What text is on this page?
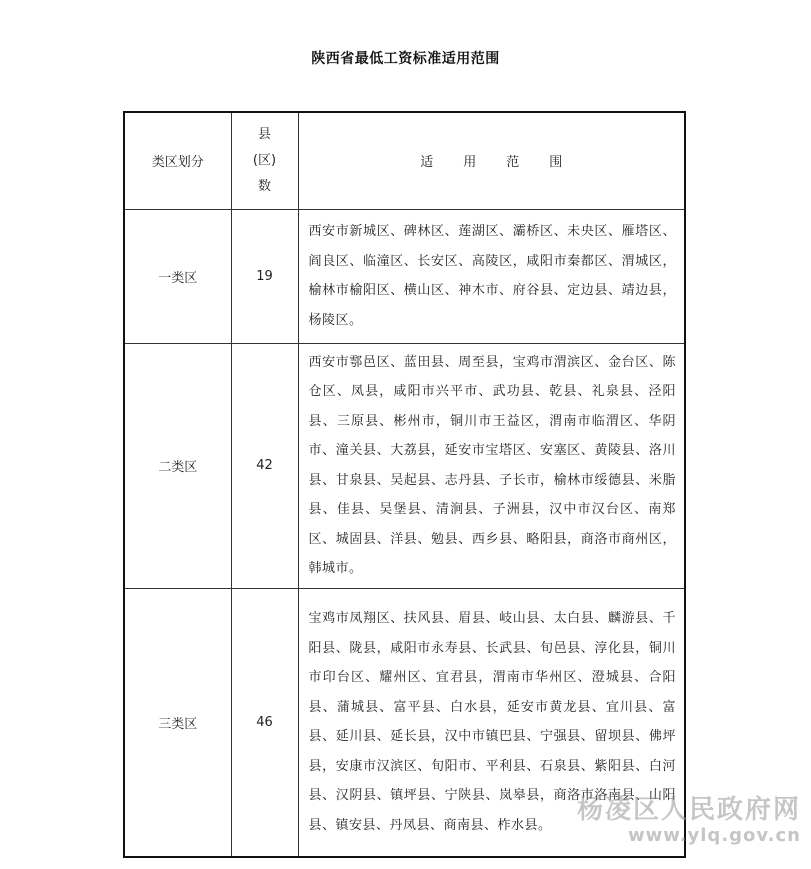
陕西省最低工资标准适用范围
类区划分	县
(区)
数	适用范围
一类区	19	西安市新城区、碑林区、莲湖区、灞桥区、未央区、雁塔区、阎良区、临潼区、长安区、高陵区，咸阳市秦都区、渭城区，榆林市榆阳区、横山区、神木市、府谷县、定边县、靖边县，杨陵区。
二类区	42	西安市鄠邑区、蓝田县、周至县，宝鸡市渭滨区、金台区、陈仓区、凤县，咸阳市兴平市、武功县、乾县、礼泉县、泾阳县、三原县、彬州市，铜川市王益区，渭南市临渭区、华阴市、潼关县、大荔县，延安市宝塔区、安塞区、黄陵县、洛川县、甘泉县、吴起县、志丹县、子长市，榆林市绥德县、米脂县、佳县、吴堡县、清涧县、子洲县，汉中市汉台区、南郑区、城固县、洋县、勉县、西乡县、略阳县，商洛市商州区，韩城市。
三类区	46	宝鸡市凤翔区、扶风县、眉县、岐山县、太白县、麟游县、千阳县、陇县，咸阳市永寿县、长武县、旬邑县、淳化县，铜川市印台区、耀州区、宜君县，渭南市华州区、澄城县、合阳县、蒲城县、富平县、白水县，延安市黄龙县、宜川县、富县、延川县、延长县，汉中市镇巴县、宁强县、留坝县、佛坪县，安康市汉滨区、旬阳市、平利县、石泉县、紫阳县、白河县、汉阴县、镇坪县、宁陕县、岚皋县，商洛市洛南县、山阳县、镇安县、丹凤县、商南县、柞水县。
杨凌区人民政府网
www.ylq.gov.cn
